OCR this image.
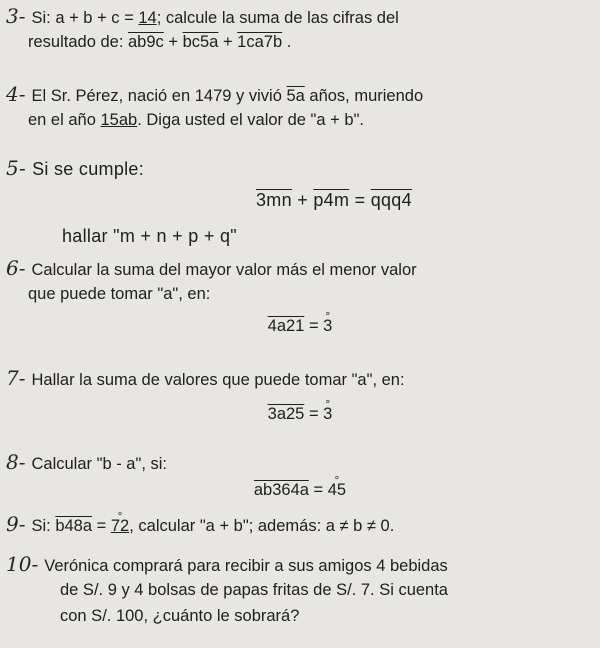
3- Si: a + b + c = 14; calcule la suma de las cifras del
resultado de: ab9c + bc5a + 1ca7b .
4- El Sr. Pérez, nació en 1479 y vivió 5a años, muriendo
en el año 15ab. Diga usted el valor de "a + b".
5- Si se cumple:
3mn + p4m = qqq4
hallar "m + n + p + q"
6- Calcular la suma del mayor valor más el menor valor
que puede tomar "a", en:
4a21 = ° 3
7- Hallar la suma de valores que puede tomar "a", en:
3a25 = ° 3
8- Calcular "b - a", si:
ab364a = ° 45
9- Si: b48a = ° 72, calcular "a + b"; además: a ≠ b ≠ 0.
10- Verónica comprará para recibir a sus amigos 4 bebidas
de S/. 9 y 4 bolsas de papas fritas de S/. 7. Si cuenta
con S/. 100, ¿cuánto le sobrará?
